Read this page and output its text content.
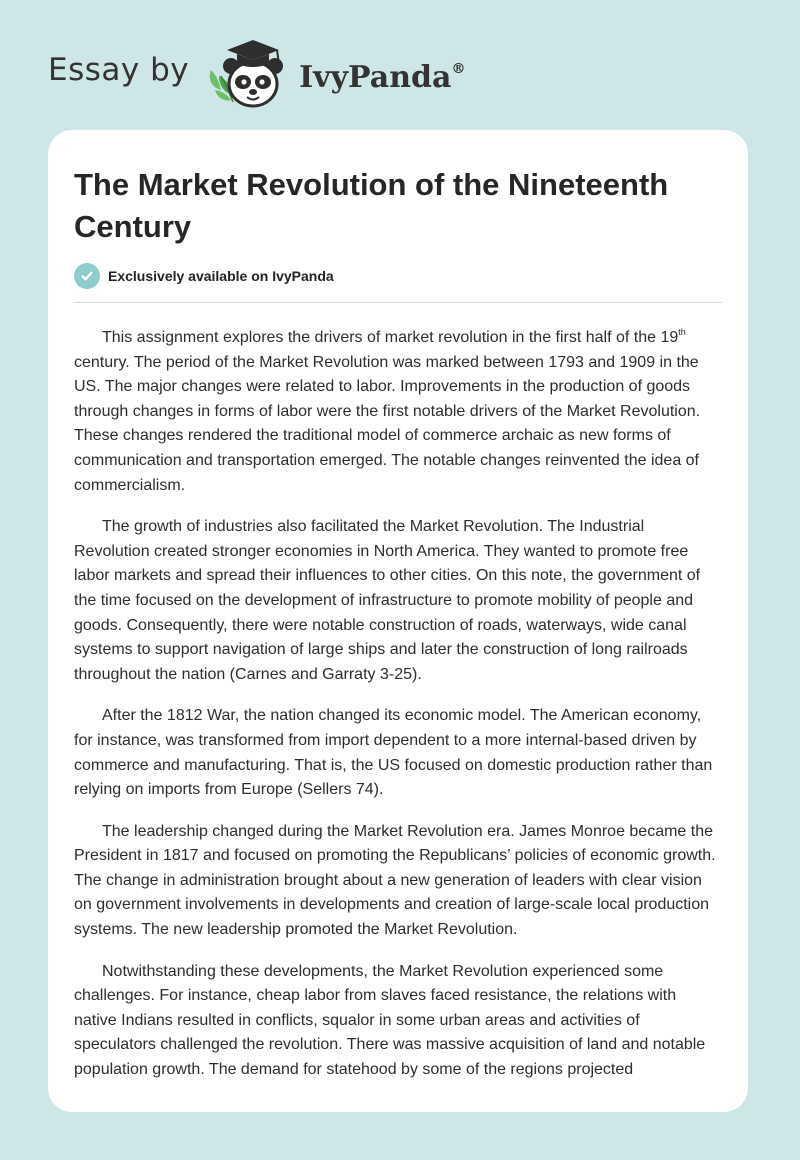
Essay by	IvyPanda®
The Market Revolution of the Nineteenth Century
Exclusively available on IvyPanda

This assignment explores the drivers of market revolution in the first half of the 19th century. The period of the Market Revolution was marked between 1793 and 1909 in the US. The major changes were related to labor. Improvements in the production of goods through changes in forms of labor were the first notable drivers of the Market Revolution. These changes rendered the traditional model of commerce archaic as new forms of communication and transportation emerged. The notable changes reinvented the idea of commercialism.

The growth of industries also facilitated the Market Revolution. The Industrial Revolution created stronger economies in North America. They wanted to promote free labor markets and spread their influences to other cities. On this note, the government of the time focused on the development of infrastructure to promote mobility of people and goods. Consequently, there were notable construction of roads, waterways, wide canal systems to support navigation of large ships and later the construction of long railroads throughout the nation (Carnes and Garraty 3-25).

After the 1812 War, the nation changed its economic model. The American economy, for instance, was transformed from import dependent to a more internal-based driven by commerce and manufacturing. That is, the US focused on domestic production rather than relying on imports from Europe (Sellers 74).

The leadership changed during the Market Revolution era. James Monroe became the President in 1817 and focused on promoting the Republicans’ policies of economic growth. The change in administration brought about a new generation of leaders with clear vision on government involvements in developments and creation of large-scale local production systems. The new leadership promoted the Market Revolution.

Notwithstanding these developments, the Market Revolution experienced some challenges. For instance, cheap labor from slaves faced resistance, the relations with native Indians resulted in conflicts, squalor in some urban areas and activities of speculators challenged the revolution. There was massive acquisition of land and notable population growth. The demand for statehood by some of the regions projected
